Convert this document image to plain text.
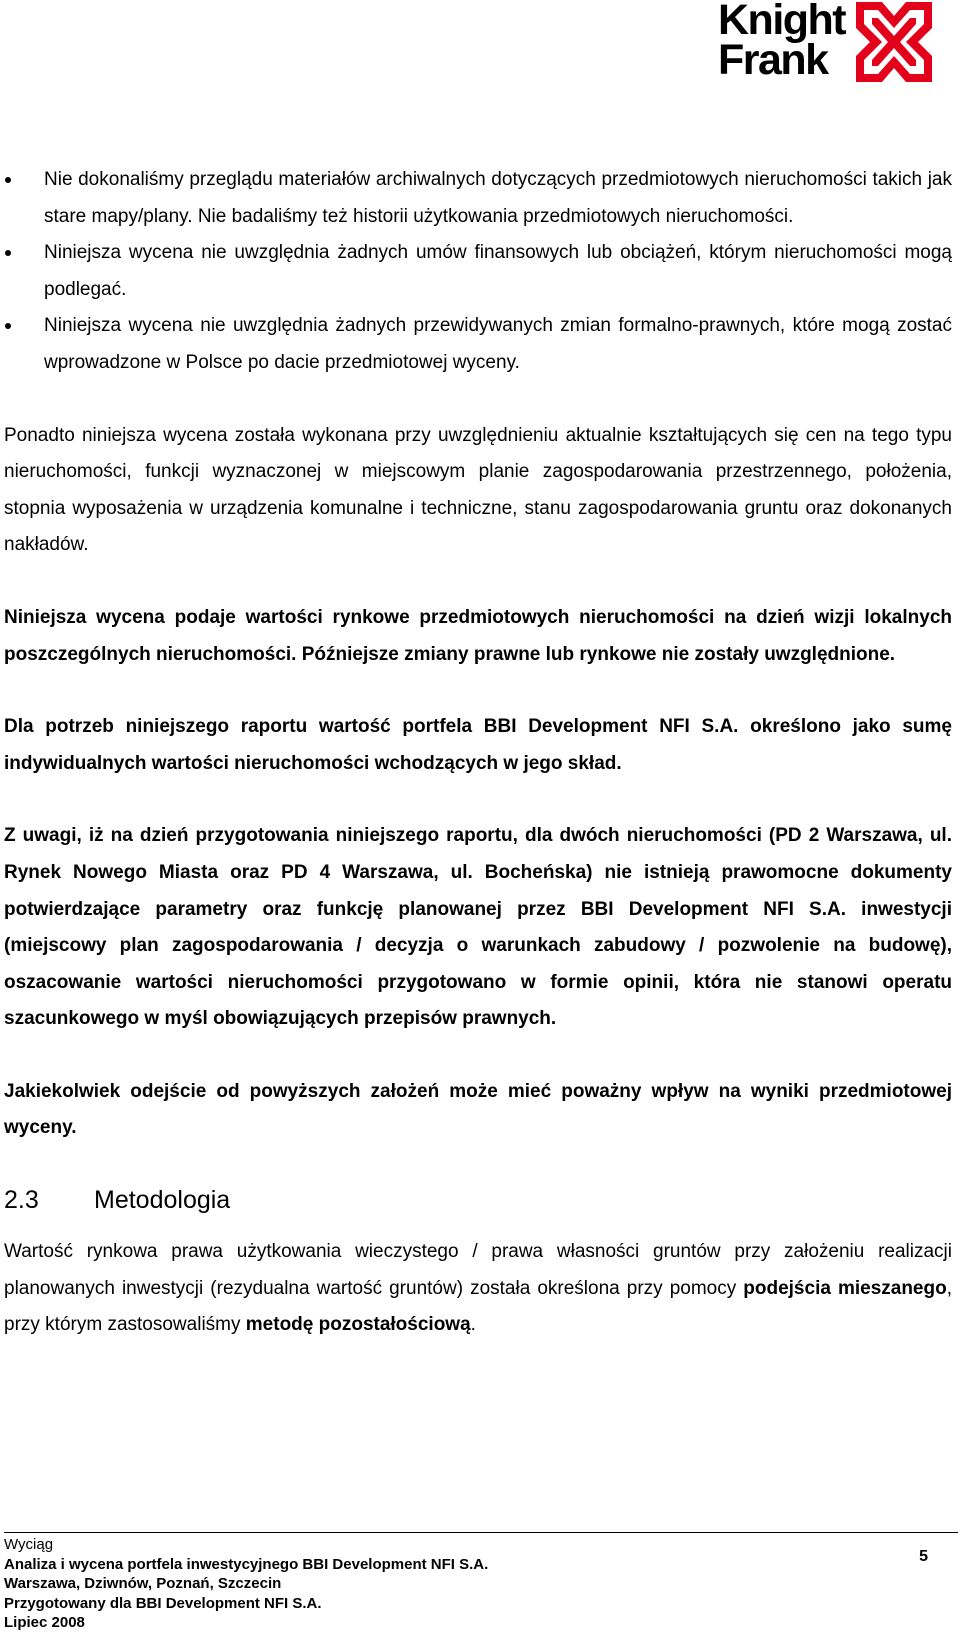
Knight
Frank
Nie dokonaliśmy przeglądu materiałów archiwalnych dotyczących przedmiotowych nieruchomości takich jak stare mapy/plany. Nie badaliśmy też historii użytkowania przedmiotowych nieruchomości.
Niniejsza wycena nie uwzględnia żadnych umów finansowych lub obciążeń, którym nieruchomości mogą podlegać.
Niniejsza wycena nie uwzględnia żadnych przewidywanych zmian formalno-prawnych, które mogą zostać wprowadzone w Polsce po dacie przedmiotowej wyceny.

Ponadto niniejsza wycena została wykonana przy uwzględnieniu aktualnie kształtujących się cen na tego typu nieruchomości, funkcji wyznaczonej w miejscowym planie zagospodarowania przestrzennego, położenia, stopnia wyposażenia w urządzenia komunalne i techniczne, stanu zagospodarowania gruntu oraz dokonanych nakładów.

Niniejsza wycena podaje wartości rynkowe przedmiotowych nieruchomości na dzień wizji lokalnych poszczególnych nieruchomości. Późniejsze zmiany prawne lub rynkowe nie zostały uwzględnione.

Dla potrzeb niniejszego raportu wartość portfela BBI Development NFI S.A. określono jako sumę indywidualnych wartości nieruchomości wchodzących w jego skład.

Z uwagi, iż na dzień przygotowania niniejszego raportu, dla dwóch nieruchomości (PD 2 Warszawa, ul. Rynek Nowego Miasta oraz PD 4 Warszawa, ul. Bocheńska) nie istnieją prawomocne dokumenty potwierdzające parametry oraz funkcję planowanej przez BBI Development NFI S.A. inwestycji (miejscowy plan zagospodarowania / decyzja o warunkach zabudowy / pozwolenie na budowę), oszacowanie wartości nieruchomości przygotowano w formie opinii, która nie stanowi operatu szacunkowego w myśl obowiązujących przepisów prawnych.

Jakiekolwiek odejście od powyższych założeń może mieć poważny wpływ na wyniki przedmiotowej wyceny.

2.3 Metodologia

Wartość rynkowa prawa użytkowania wieczystego / prawa własności gruntów przy założeniu realizacji planowanych inwestycji (rezydualna wartość gruntów) została określona przy pomocy podejścia mieszanego, przy którym zastosowaliśmy metodę pozostałościową.

Wyciąg
Analiza i wycena portfela inwestycyjnego BBI Development NFI S.A.
Warszawa, Dziwnów, Poznań, Szczecin
Przygotowany dla BBI Development NFI S.A.
Lipiec 2008
5
